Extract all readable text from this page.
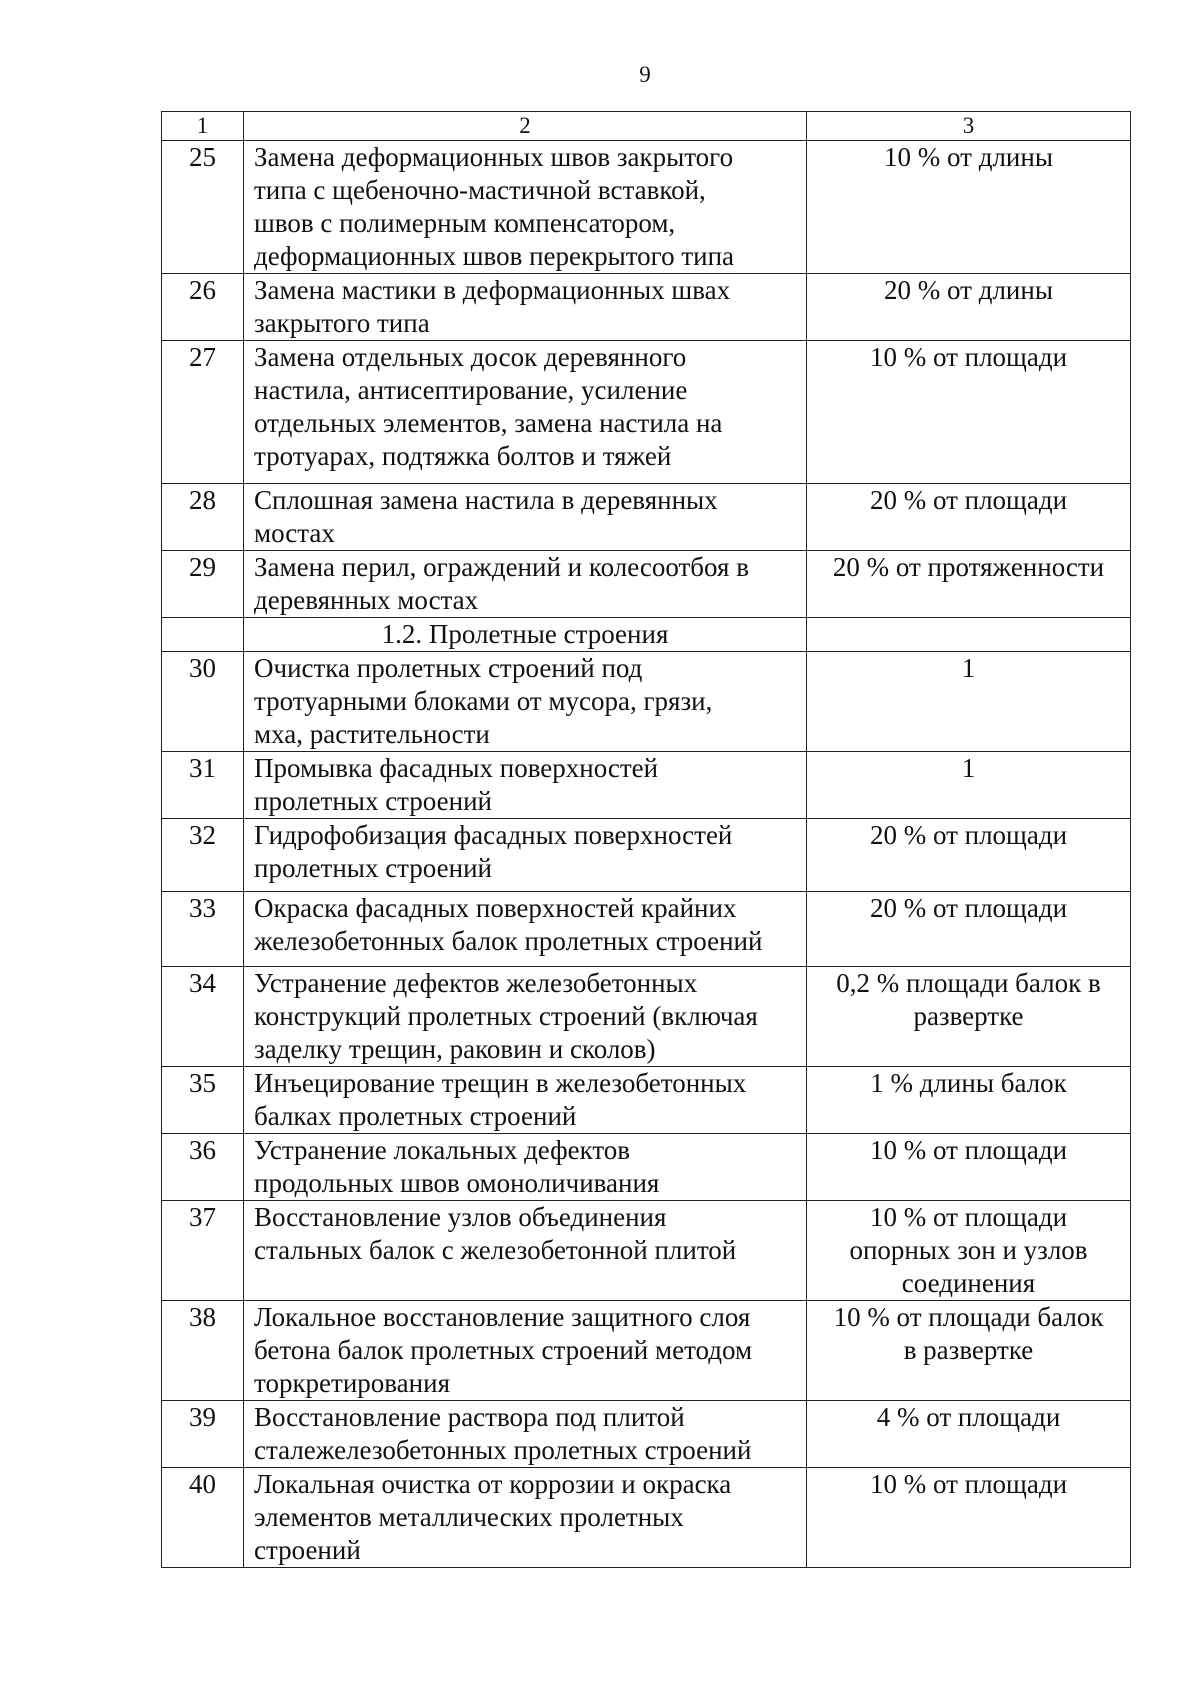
9
1	2	3
25	Замена деформационных швов закрытого
типа с щебеночно-мастичной вставкой,
швов с полимерным компенсатором,
деформационных швов перекрытого типа	10 % от длины

26	Замена мастики в деформационных швах
закрытого типа	20 % от длины

27	Замена отдельных досок деревянного
настила, антисептирование, усиление
отдельных элементов, замена настила на
тротуарах, подтяжка болтов и тяжей	10 % от площади

28	Сплошная замена настила в деревянных
мостах	20 % от площади

29	Замена перил, ограждений и колесоотбоя в
деревянных мостах	20 % от протяженности

	1.2. Пролетные строения	
30	Очистка пролетных строений под
тротуарными блоками от мусора, грязи,
мха, растительности	1

31	Промывка фасадных поверхностей
пролетных строений	1

32	Гидрофобизация фасадных поверхностей
пролетных строений	20 % от площади

33	Окраска фасадных поверхностей крайних
железобетонных балок пролетных строений	20 % от площади

34	Устранение дефектов железобетонных
конструкций пролетных строений (включая
заделку трещин, раковин и сколов)	0,2 % площади балок в
развертке

35	Инъецирование трещин в железобетонных
балках пролетных строений	1 % длины балок

36	Устранение локальных дефектов
продольных швов омоноличивания	10 % от площади

37	Восстановление узлов объединения
стальных балок с железобетонной плитой	10 % от площади
опорных зон и узлов
соединения

38	Локальное восстановление защитного слоя
бетона балок пролетных строений методом
торкретирования	10 % от площади балок
в развертке

39	Восстановление раствора под плитой
сталежелезобетонных пролетных строений	4 % от площади

40	Локальная очистка от коррозии и окраска
элементов металлических пролетных
строений	10 % от площади
